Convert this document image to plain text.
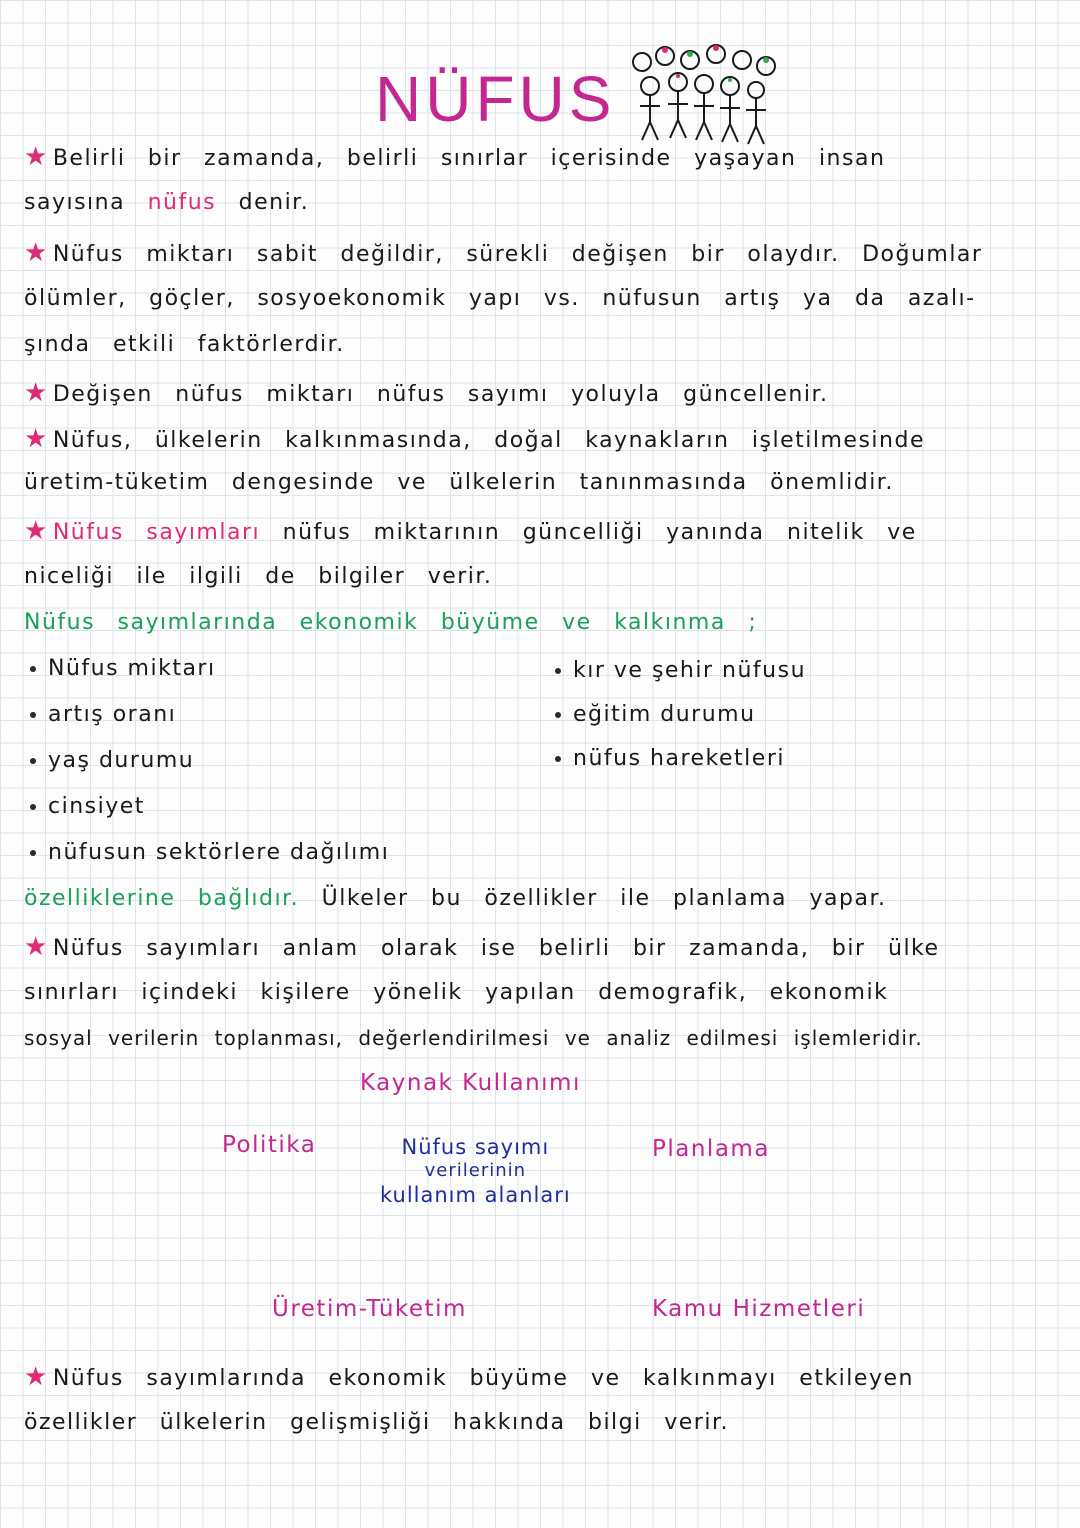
NÜFUS
★ Belirli bir zamanda, belirli sınırlar içerisinde yaşayan insan
sayısına nüfus denir.
★ Nüfus miktarı sabit değildir, sürekli değişen bir olaydır. Doğumlar
ölümler, göçler, sosyoekonomik yapı vs. nüfusun artış ya da azalı-
şında etkili faktörlerdir.
★ Değişen nüfus miktarı nüfus sayımı yoluyla güncellenir.
★ Nüfus, ülkelerin kalkınmasında, doğal kaynakların işletilmesinde
üretim-tüketim dengesinde ve ülkelerin tanınmasında önemlidir.
★ Nüfus sayımları nüfus miktarının güncelliği yanında nitelik ve
niceliği ile ilgili de bilgiler verir.
Nüfus sayımlarında ekonomik büyüme ve kalkınma ;
Nüfus miktarı
artış oranı
yaş durumu
cinsiyet
nüfusun sektörlere dağılımı
kır ve şehir nüfusu
eğitim durumu
nüfus hareketleri
özelliklerine bağlıdır. Ülkeler bu özellikler ile planlama yapar.
★ Nüfus sayımları anlam olarak ise belirli bir zamanda, bir ülke
sınırları içindeki kişilere yönelik yapılan demografik, ekonomik
sosyal verilerin toplanması, değerlendirilmesi ve analiz edilmesi işlemleridir.
Kaynak Kullanımı
Politika	Planlama
Nüfus sayımı
verilerinin
kullanım alanları
Üretim-Tüketim	Kamu Hizmetleri
★ Nüfus sayımlarında ekonomik büyüme ve kalkınmayı etkileyen
özellikler ülkelerin gelişmişliği hakkında bilgi verir.
